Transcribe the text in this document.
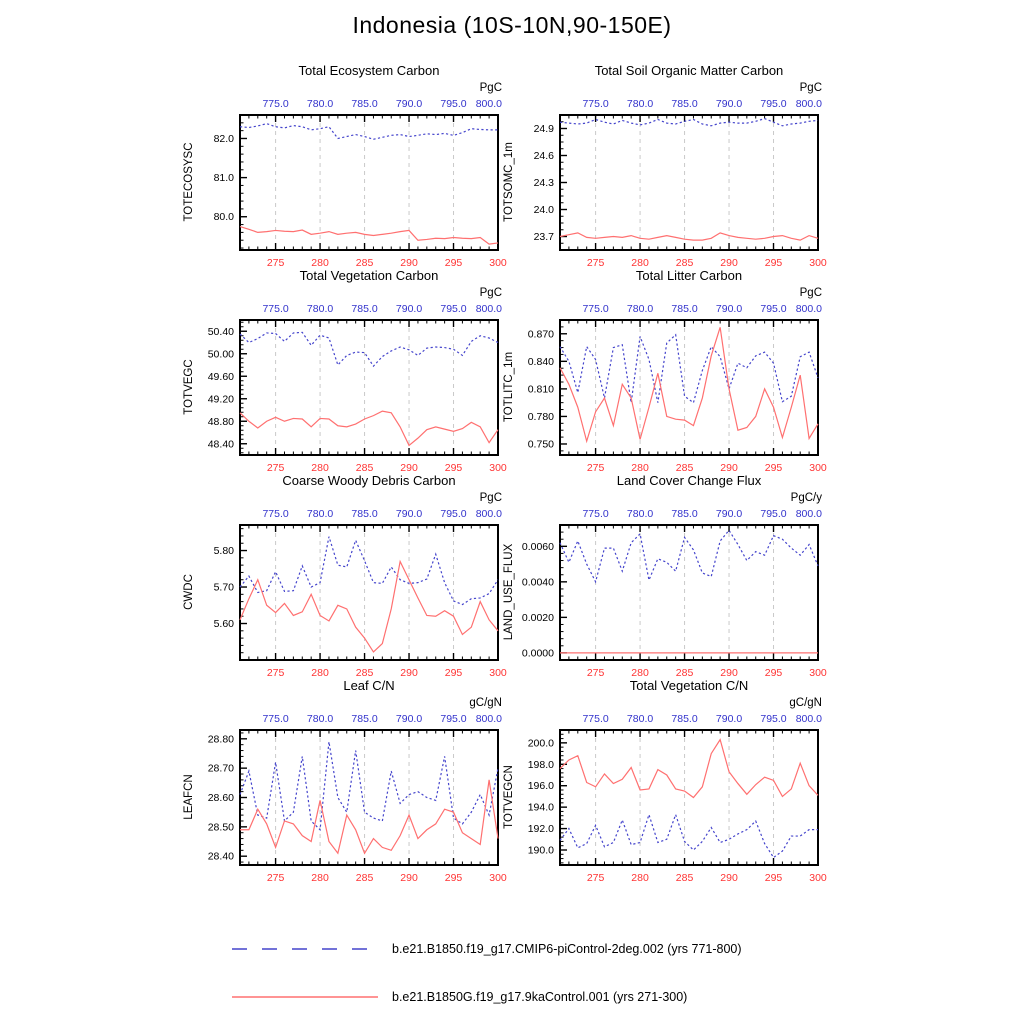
Indonesia (10S-10N,90-150E)
Total Ecosystem Carbon
PgC
TOTECOSYSC 80.0
81.0
82.0
775.0 780.0 785.0 790.0 795.0 800.0
275	280	285	290	295	300
Total Soil Organic Matter Carbon
PgC
TOTSOMC_1m
23.7
24.0
24.3
24.6
24.9
775.0 780.0 785.0 790.0 795.0 800.0
275	280	285	290	295	300
Total Vegetation Carbon
PgC
TOTVEGC
48.40
48.80
49.20
49.60
50.00
50.40
775.0 780.0 785.0 790.0 795.0 800.0
275	280	285	290	295	300
Total Litter Carbon
PgC
TOTLITC_1m
0.750
0.780
0.810
0.840
0.870
775.0 780.0 785.0 790.0 795.0 800.0
275	280	285	290	295	300
Coarse Woody Debris Carbon
PgC
CWDC
5.60
5.70
5.80
775.0 780.0 785.0 790.0 795.0 800.0
275	280	285	290	295	300
Land Cover Change Flux
PgC/y
LAND_USE_FLUX
0.0000
0.0020
0.0040
0.0060
775.0 780.0 785.0 790.0 795.0 800.0
275	280	285	290	295	300
Leaf C/N
gC/gN
LEAFCN
28.40
28.50
28.60
28.70
28.80
775.0 780.0 785.0 790.0 795.0 800.0
275	280	285	290	295	300
Total Vegetation C/N
gC/gN
TOTVEGCN
190.0
192.0
194.0
196.0
198.0
200.0
775.0 780.0 785.0 790.0 795.0 800.0
275	280	285	290	295	300
b.e21.B1850.f19_g17.CMIP6-piControl-2deg.002 (yrs 771-800)
b.e21.B1850G.f19_g17.9kaControl.001 (yrs 271-300)
